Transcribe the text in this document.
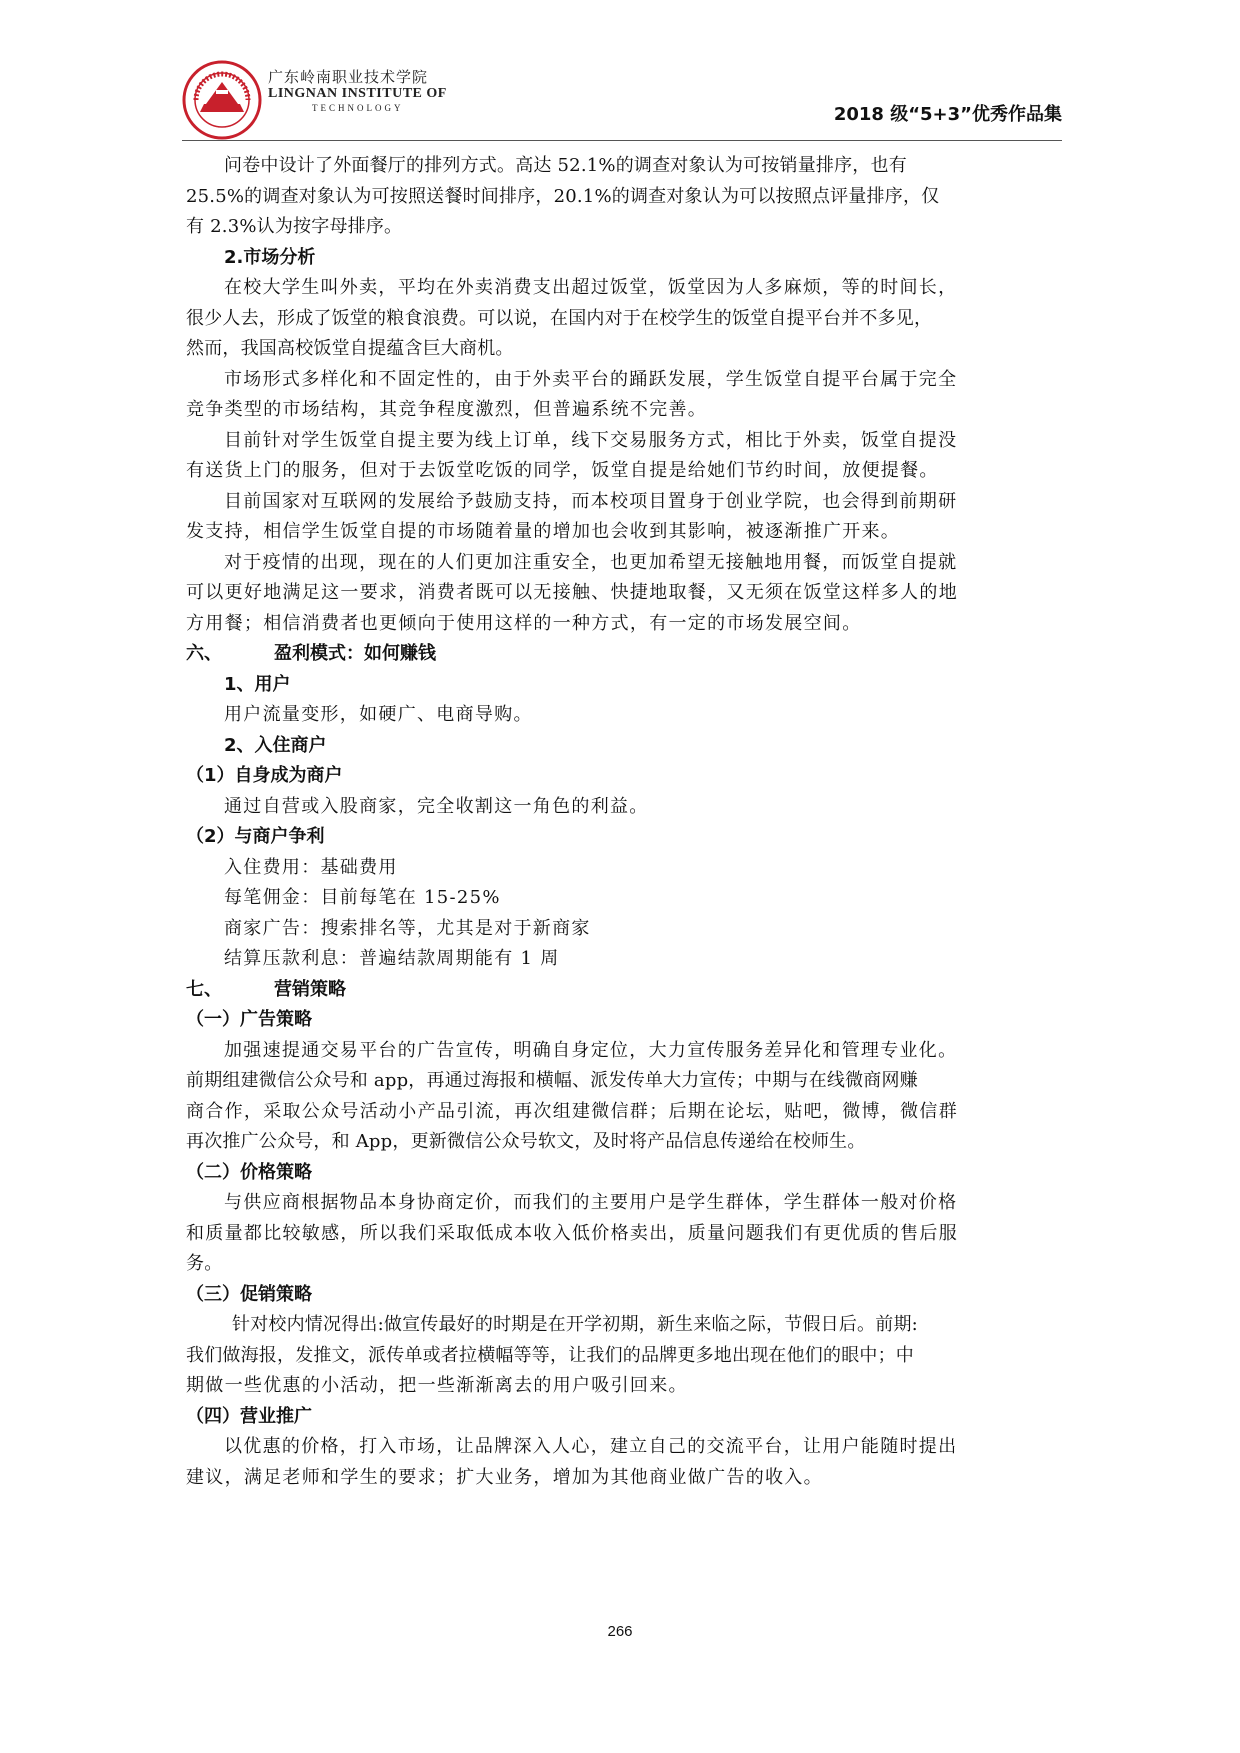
广东岭南职业技术学院
LINGNAN INSTITUTE OF
TECHNOLOGY	2018 级“5+3”优秀作品集
问卷中设计了外面餐厅的排列方式。高达 52.1%的调查对象认为可按销量排序，也有
25.5%的调查对象认为可按照送餐时间排序，20.1%的调查对象认为可以按照点评量排序，仅
有 2.3%认为按字母排序。
2.市场分析
在校大学生叫外卖，平均在外卖消费支出超过饭堂，饭堂因为人多麻烦，等的时间长，
很少人去，形成了饭堂的粮食浪费。可以说，在国内对于在校学生的饭堂自提平台并不多见，
然而，我国高校饭堂自提蕴含巨大商机。
市场形式多样化和不固定性的，由于外卖平台的踊跃发展，学生饭堂自提平台属于完全
竞争类型的市场结构，其竞争程度激烈，但普遍系统不完善。
目前针对学生饭堂自提主要为线上订单，线下交易服务方式，相比于外卖，饭堂自提没
有送货上门的服务，但对于去饭堂吃饭的同学，饭堂自提是给她们节约时间，放便提餐。
目前国家对互联网的发展给予鼓励支持，而本校项目置身于创业学院，也会得到前期研
发支持，相信学生饭堂自提的市场随着量的增加也会收到其影响，被逐渐推广开来。
对于疫情的出现，现在的人们更加注重安全，也更加希望无接触地用餐，而饭堂自提就
可以更好地满足这一要求，消费者既可以无接触、快捷地取餐，又无须在饭堂这样多人的地
方用餐；相信消费者也更倾向于使用这样的一种方式，有一定的市场发展空间。
六、	盈利模式：如何赚钱
1、用户
用户流量变形，如硬广、电商导购。
2、入住商户
（1）自身成为商户
通过自营或入股商家，完全收割这一角色的利益。
（2）与商户争利
入住费用：基础费用
每笔佣金：目前每笔在 15-25%
商家广告：搜索排名等，尤其是对于新商家
结算压款利息：普遍结款周期能有 1 周
七、	营销策略
（一）广告策略
加强速提通交易平台的广告宣传，明确自身定位，大力宣传服务差异化和管理专业化。
前期组建微信公众号和 app，再通过海报和横幅、派发传单大力宣传；中期与在线微商网赚
商合作，采取公众号活动小产品引流，再次组建微信群；后期在论坛，贴吧，微博，微信群
再次推广公众号，和 App，更新微信公众号软文，及时将产品信息传递给在校师生。
（二）价格策略
与供应商根据物品本身协商定价，而我们的主要用户是学生群体，学生群体一般对价格
和质量都比较敏感，所以我们采取低成本收入低价格卖出，质量问题我们有更优质的售后服
务。
（三）促销策略
针对校内情况得出:做宣传最好的时期是在开学初期，新生来临之际，节假日后。前期:
我们做海报，发推文，派传单或者拉横幅等等，让我们的品牌更多地出现在他们的眼中；中
期做一些优惠的小活动，把一些渐渐离去的用户吸引回来。
（四）营业推广
以优惠的价格，打入市场，让品牌深入人心，建立自己的交流平台，让用户能随时提出
建议，满足老师和学生的要求；扩大业务，增加为其他商业做广告的收入。
266
